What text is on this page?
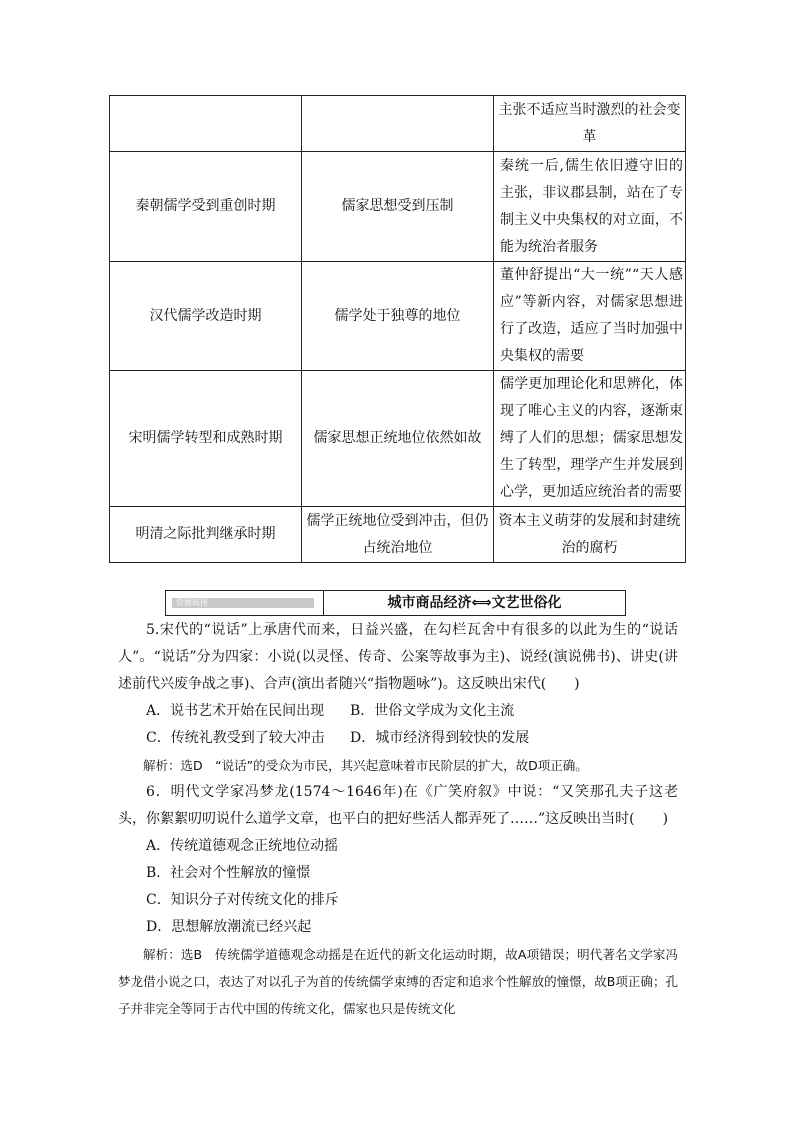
		主张不适应当时激烈的社会变革
秦朝儒学受到重创时期	儒家思想受到压制	秦统一后,儒生依旧遵守旧的主张，非议郡县制，站在了专制主义中央集权的对立面，不能为统治者服务
汉代儒学改造时期	儒学处于独尊的地位	董仲舒提出“大一统”“天人感应”等新内容，对儒家思想进行了改造，适应了当时加强中央集权的需要
宋明儒学转型和成熟时期	儒家思想正统地位依然如故	儒学更加理论化和思辨化，体现了唯心主义的内容，逐渐束缚了人们的思想；儒家思想发生了转型，理学产生并发展到心学，更加适应统治者的需要
明清之际批判继承时期	儒学正统地位受到冲击，但仍占统治地位	资本主义萌芽的发展和封建统治的腐朽
资源链接	城市商品经济⟺文艺世俗化

5.宋代的“说话”上承唐代而来，日益兴盛，在勾栏瓦舍中有很多的以此为生的“说话人”。“说话”分为四家：小说(以灵怪、传奇、公案等故事为主)、说经(演说佛书)、讲史(讲述前代兴废争战之事)、合声(演出者随兴“指物题咏”)。这反映出宋代(　　)

A．说书艺术开始在民间出现	B．世俗文学成为文化主流
C．传统礼教受到了较大冲击	D．城市经济得到较快的发展

解析：选D　“说话”的受众为市民，其兴起意味着市民阶层的扩大，故D项正确。

6．明代文学家冯梦龙(1574～1646年)在《广笑府叙》中说：“又笑那孔夫子这老头，你絮絮叨叨说什么道学文章，也平白的把好些活人都弄死了……”这反映出当时(　　)

A．传统道德观念正统地位动摇

B．社会对个性解放的憧憬

C．知识分子对传统文化的排斥

D．思想解放潮流已经兴起

解析：选B　传统儒学道德观念动摇是在近代的新文化运动时期，故A项错误；明代著名文学家冯梦龙借小说之口，表达了对以孔子为首的传统儒学束缚的否定和追求个性解放的憧憬，故B项正确；孔子并非完全等同于古代中国的传统文化，儒家也只是传统文化
